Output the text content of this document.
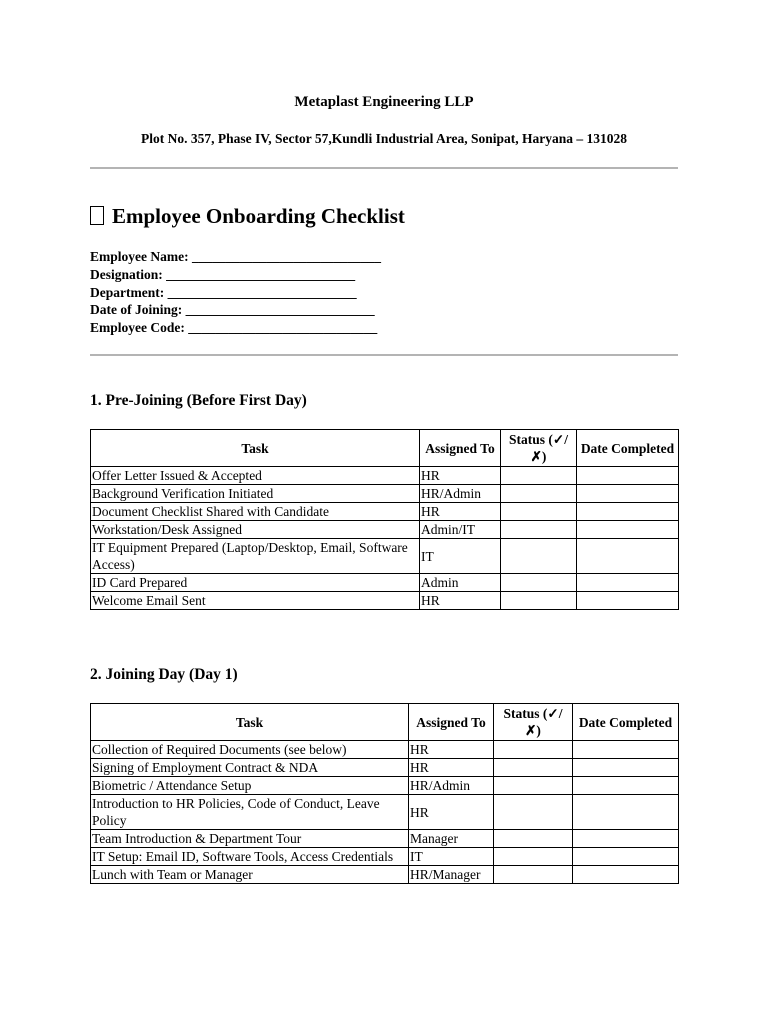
Metaplast Engineering LLP
Plot No. 357, Phase IV, Sector 57,Kundli Industrial Area, Sonipat, Haryana – 131028
Employee Onboarding Checklist
Employee Name: ____________________________
Designation: ____________________________
Department: ____________________________
Date of Joining: ____________________________
Employee Code: ____________________________
1. Pre-Joining (Before First Day)
Task	Assigned To	Status (✓/✗)	Date Completed
Offer Letter Issued & Accepted	HR		
Background Verification Initiated	HR/Admin		
Document Checklist Shared with Candidate	HR		
Workstation/Desk Assigned	Admin/IT		
IT Equipment Prepared (Laptop/Desktop, Email, Software Access)	IT		
ID Card Prepared	Admin		
Welcome Email Sent	HR		
2. Joining Day (Day 1)
Task	Assigned To	Status (✓/✗)	Date Completed
Collection of Required Documents (see below)	HR		
Signing of Employment Contract & NDA	HR		
Biometric / Attendance Setup	HR/Admin		
Introduction to HR Policies, Code of Conduct, Leave Policy	HR		
Team Introduction & Department Tour	Manager		
IT Setup: Email ID, Software Tools, Access Credentials	IT		
Lunch with Team or Manager	HR/Manager		
